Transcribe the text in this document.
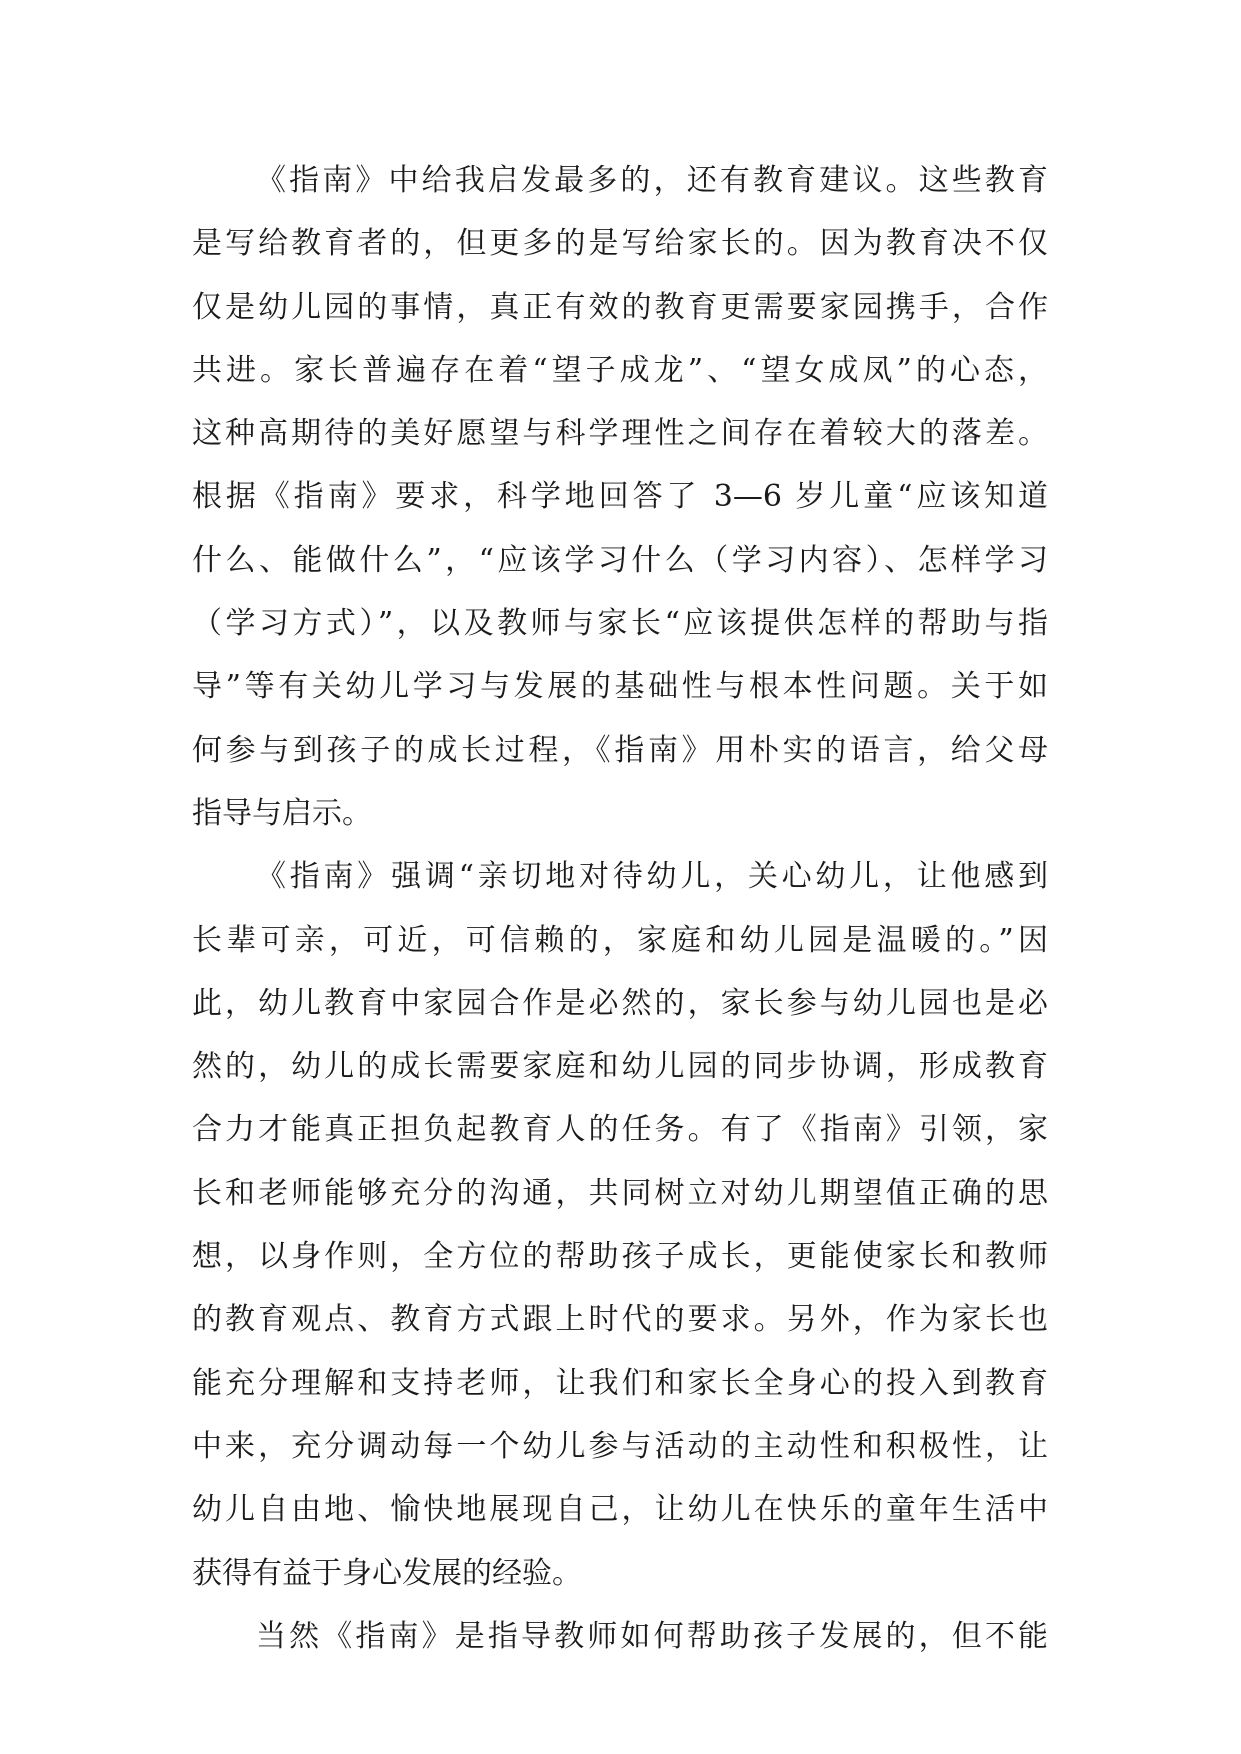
《指南》中给我启发最多的，还有教育建议。这些教育
是写给教育者的，但更多的是写给家长的。因为教育决不仅
仅是幼儿园的事情，真正有效的教育更需要家园携手，合作
共进。家长普遍存在着“望子成龙”、“望女成凤”的心态，
这种高期待的美好愿望与科学理性之间存在着较大的落差。
根据《指南》要求，科学地回答了 3—6 岁儿童“应该知道
什么、能做什么”，“应该学习什么（学习内容）、怎样学习
（学习方式）”，以及教师与家长“应该提供怎样的帮助与指
导”等有关幼儿学习与发展的基础性与根本性问题。关于如
何参与到孩子的成长过程，《指南》用朴实的语言，给父母
指导与启示。
《指南》强调“亲切地对待幼儿，关心幼儿，让他感到
长辈可亲，可近，可信赖的，家庭和幼儿园是温暖的。”因
此，幼儿教育中家园合作是必然的，家长参与幼儿园也是必
然的，幼儿的成长需要家庭和幼儿园的同步协调，形成教育
合力才能真正担负起教育人的任务。有了《指南》引领，家
长和老师能够充分的沟通，共同树立对幼儿期望值正确的思
想，以身作则，全方位的帮助孩子成长，更能使家长和教师
的教育观点、教育方式跟上时代的要求。另外，作为家长也
能充分理解和支持老师，让我们和家长全身心的投入到教育
中来，充分调动每一个幼儿参与活动的主动性和积极性，让
幼儿自由地、愉快地展现自己，让幼儿在快乐的童年生活中
获得有益于身心发展的经验。
当然《指南》是指导教师如何帮助孩子发展的，但不能
